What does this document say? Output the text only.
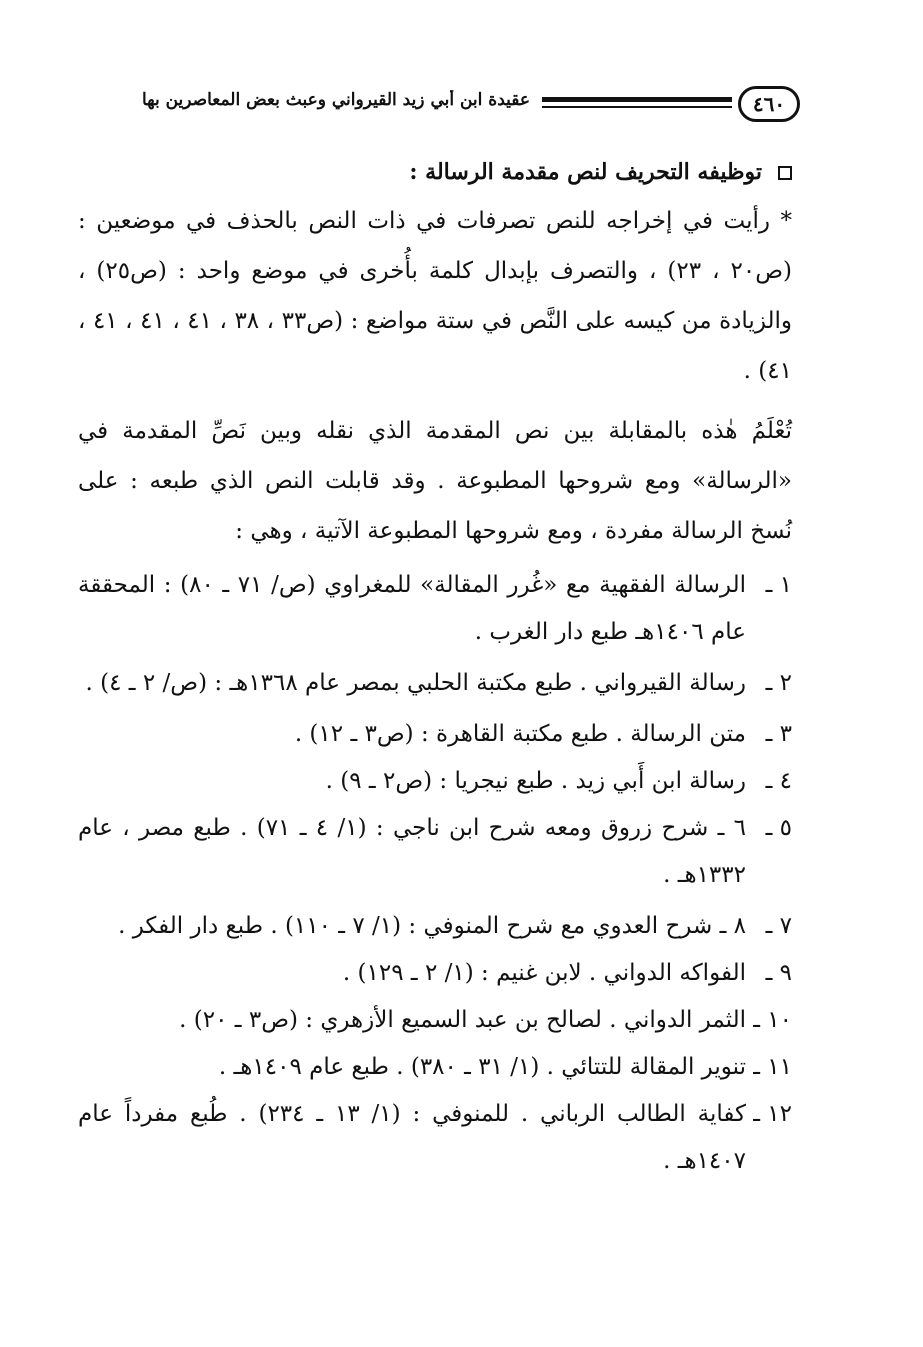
٤٦٠
عقيدة ابن أبي زيد القيرواني وعبث بعض المعاصرين بها
توظيفه التحريف لنص مقدمة الرسالة :

* رأيت في إخراجه للنص تصرفات في ذات النص بالحذف في موضعين : (ص٢٠ ، ٢٣) ، والتصرف بإبدال كلمة بأُخرى في موضع واحد : (ص٢٥) ، والزيادة من كيسه على النَّص في ستة مواضع : (ص٣٣ ، ٣٨ ، ٤١ ، ٤١ ، ٤١ ، ٤١) .

تُعْلَمُ هٰذه بالمقابلة بين نص المقدمة الذي نقله وبين نَصِّ المقدمة في «الرسالة» ومع شروحها المطبوعة . وقد قابلت النص الذي طبعه : على نُسخ الرسالة مفردة ، ومع شروحها المطبوعة الآتية ، وهي :

١ ـ
الرسالة الفقهية مع «غُرر المقالة» للمغراوي (ص/ ٧١ ـ ٨٠) : المحققة عام ١٤٠٦هـ طبع دار الغرب .
٢ ـ
رسالة القيرواني . طبع مكتبة الحلبي بمصر عام ١٣٦٨هـ : (ص/ ٢ ـ ٤) .
٣ ـ
متن الرسالة . طبع مكتبة القاهرة : (ص٣ ـ ١٢) .
٤ ـ
رسالة ابن أَبي زيد . طبع نيجريا : (ص٢ ـ ٩) .
٥ ـ
٦ ـ شرح زروق ومعه شرح ابن ناجي : (١/ ٤ ـ ٧١) . طبع مصر ، عام ١٣٣٢هـ .
٧ ـ
٨ ـ شرح العدوي مع شرح المنوفي : (١/ ٧ ـ ١١٠) . طبع دار الفكر .
٩ ـ
الفواكه الدواني . لابن غنيم : (١/ ٢ ـ ١٢٩) .
١٠ ـ
الثمر الدواني . لصالح بن عبد السميع الأزهري : (ص٣ ـ ٢٠) .
١١ ـ
تنوير المقالة للتتائي . (١/ ٣١ ـ ٣٨٠) . طبع عام ١٤٠٩هـ .
١٢ ـ
كفاية الطالب الرباني . للمنوفي : (١/ ١٣ ـ ٢٣٤) . طُبع مفرداً عام ١٤٠٧هـ .
